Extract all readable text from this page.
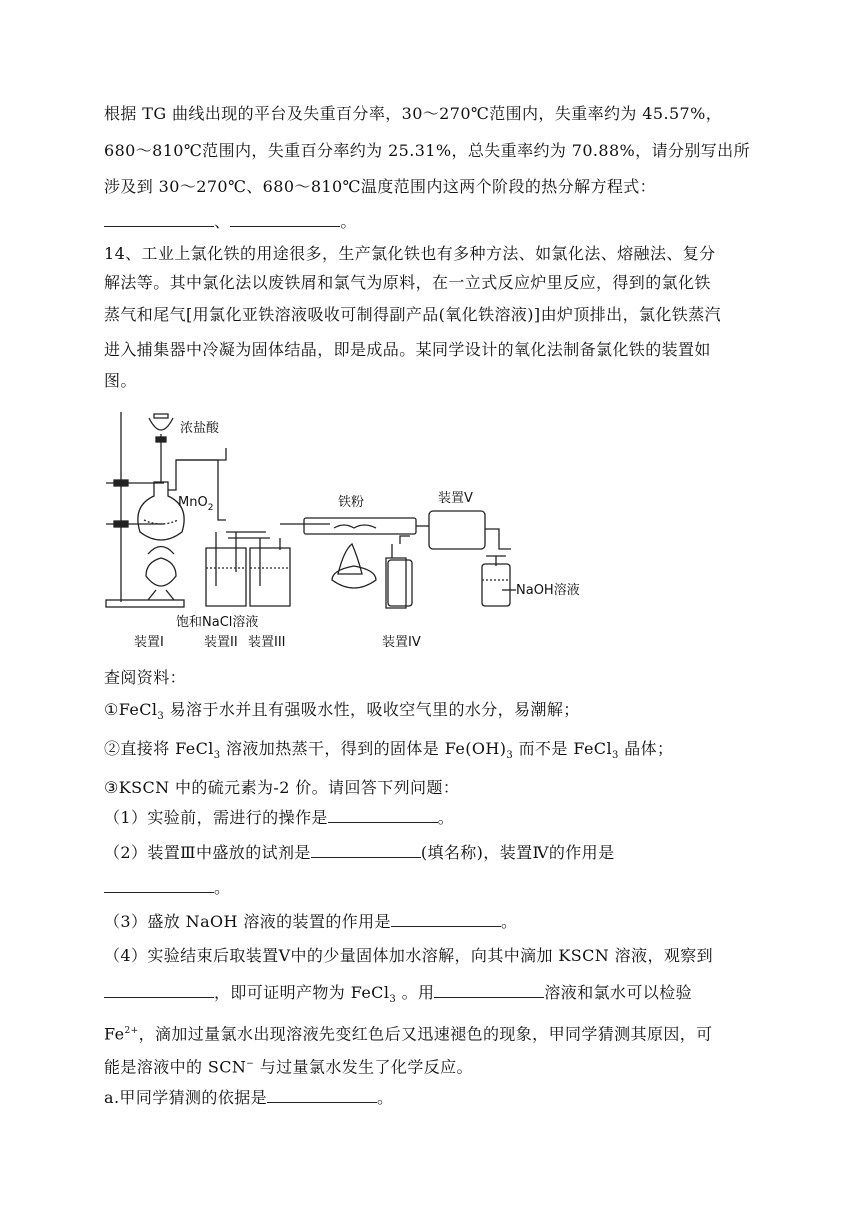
根据 TG 曲线出现的平台及失重百分率，30～270℃范围内，失重率约为 45.57%，
680～810℃范围内，失重百分率约为 25.31%，总失重率约为 70.88%，请分别写出所
涉及到 30～270℃、680～810℃温度范围内这两个阶段的热分解方程式：
、	。
14、工业上氯化铁的用途很多，生产氯化铁也有多种方法、如氯化法、熔融法、复分
解法等。其中氯化法以废铁屑和氯气为原料，在一立式反应炉里反应，得到的氯化铁
蒸气和尾气[用氯化亚铁溶液吸收可制得副产品(氧化铁溶液)]由炉顶排出，氯化铁蒸汽
进入捕集器中冷凝为固体结晶，即是成品。某同学设计的氧化法制备氯化铁的装置如
图。
浓盐酸
MnO$_2$	铁粉	装置V
饱和NaCl溶液
装置I	装置II 装置III	装置IV
NaOH溶液
查阅资料：
①FeCl$_3$ 易溶于水并且有强吸水性，吸收空气里的水分，易潮解；
②直接将 FeCl$_3$ 溶液加热蒸干，得到的固体是 $Fe(OH)_3$ 而不是 FeCl$_3$ 晶体；
③KSCN 中的硫元素为-2 价。请回答下列问题：
（1）实验前，需进行的操作是	。
（2）装置Ⅲ中盛放的试剂是	(填名称)，装置Ⅳ的作用是
。
（3）盛放 NaOH 溶液的装置的作用是	。
（4）实验结束后取装置Ⅴ中的少量固体加水溶解，向其中滴加 KSCN 溶液，观察到
，即可证明产物为 FeCl$_3$ 。用	溶液和氯水可以检验
$Fe^{2+}$，滴加过量氯水出现溶液先变红色后又迅速褪色的现象，甲同学猜测其原因，可
能是溶液中的 SCN− 与过量氯水发生了化学反应。
a.甲同学猜测的依据是	。
